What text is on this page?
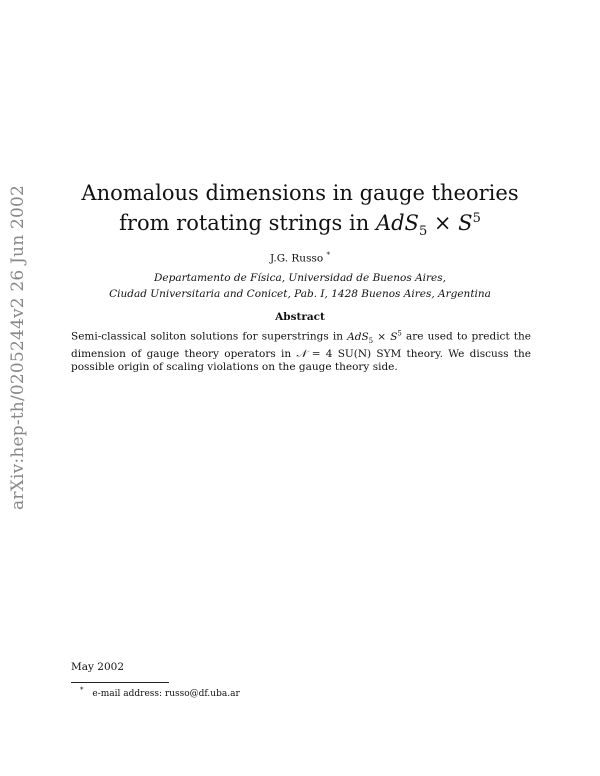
arXiv:hep-th/0205244v2 26 Jun 2002	Anomalous dimensions in gauge theories
from rotating strings in $AdS_5 \times S^5$
J.G. Russo *
Departamento de Física, Universidad de Buenos Aires,
Ciudad Universitaria and Conicet, Pab. I, 1428 Buenos Aires, Argentina
Abstract
Semi-classical soliton solutions for superstrings in $AdS_5 \times S^5$ are used to predict the dimension of gauge theory operators in 𝒩 = 4 SU(N) SYM theory. We discuss the possible origin of scaling violations on the gauge theory side.
May 2002
* e-mail address: russo@df.uba.ar
